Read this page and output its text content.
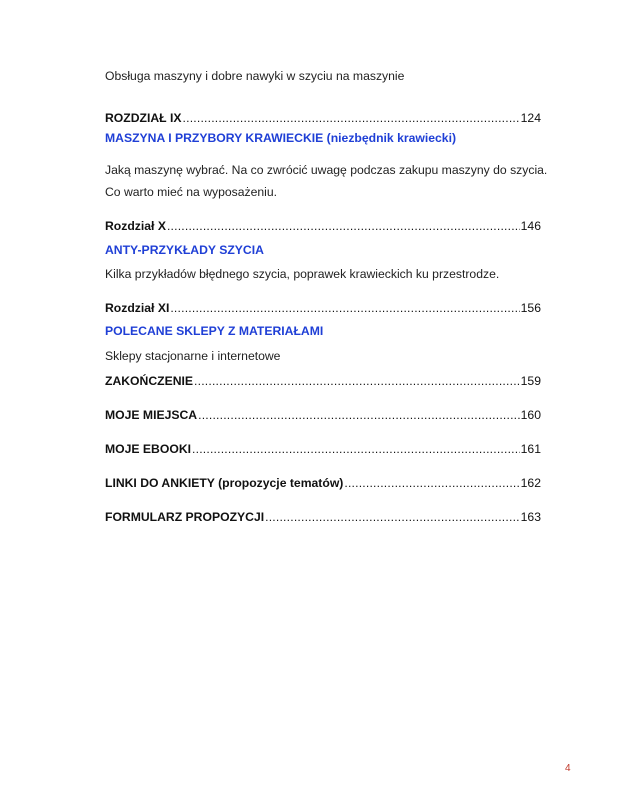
Obsługa maszyny i dobre nawyki w szyciu na maszynie
ROZDZIAŁ IX .....	124
MASZYNA I PRZYBORY KRAWIECKIE (niezbędnik krawiecki)
Jaką maszynę wybrać. Na co zwrócić uwagę podczas zakupu maszyny do szycia.
Co warto mieć na wyposażeniu.
Rozdział X .....	146
ANTY-PRZYKŁADY SZYCIA
Kilka przykładów błędnego szycia, poprawek krawieckich ku przestrodze.
Rozdział XI .....	156
POLECANE SKLEPY Z MATERIAŁAMI
Sklepy stacjonarne i internetowe
ZAKOŃCZENIE .....	159
MOJE MIEJSCA .....	160
MOJE EBOOKI .....	161
LINKI DO ANKIETY (propozycje tematów) .....	162
FORMULARZ PROPOZYCJI .....	163
4
